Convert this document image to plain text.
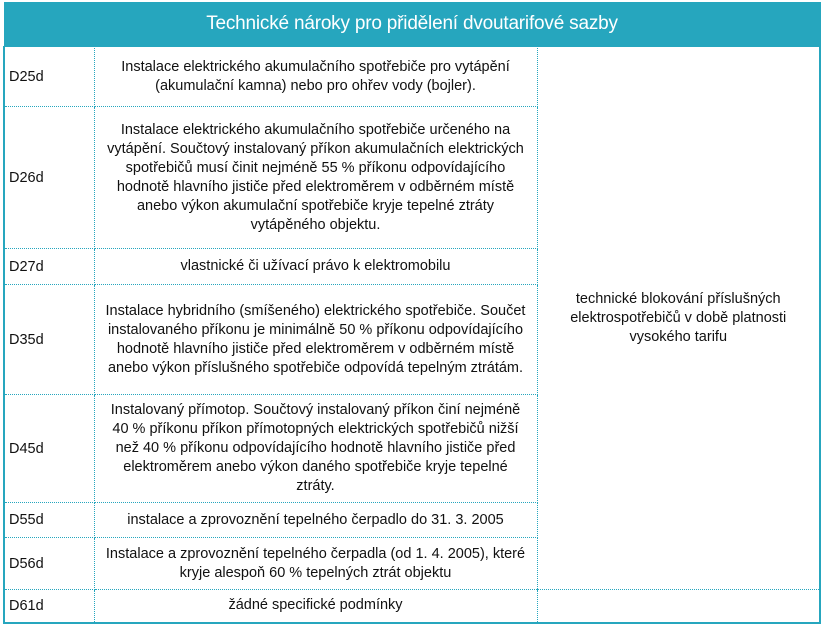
Technické nároky pro přidělení dvoutarifové sazby		
D25d	Instalace elektrického akumulačního spotřebiče pro vytápění (akumulační kamna) nebo pro ohřev vody (bojler).	technické blokování příslušných elektrospotřebičů v době platnosti vysokého tarifu
D26d	Instalace elektrického akumulačního spotřebiče určeného na vytápění. Součtový instalovaný příkon akumulačních elektrických spotřebičů musí činit nejméně 55 % příkonu odpovídajícího hodnotě hlavního jističe před elektroměrem v odběrném místě anebo výkon akumulační spotřebiče kryje tepelné ztráty vytápěného objektu.	
D27d	vlastnické či užívací právo k elektromobilu	
D35d	Instalace hybridního (smíšeného) elektrického spotřebiče. Součet instalovaného příkonu je minimálně 50 % příkonu odpovídajícího hodnotě hlavního jističe před elektroměrem v odběrném místě anebo výkon příslušného spotřebiče odpovídá tepelným ztrátám.	
D45d	Instalovaný přímotop. Součtový instalovaný příkon činí nejméně 40 % příkonu příkon přímotopných elektrických spotřebičů nižší než 40 % příkonu odpovídajícího hodnotě hlavního jističe před elektroměrem anebo výkon daného spotřebiče kryje tepelné ztráty.	
D55d	instalace a zprovoznění tepelného čerpadlo do 31. 3. 2005	
D56d	Instalace a zprovoznění tepelného čerpadla (od 1. 4. 2005), které kryje alespoň 60 % tepelných ztrát objektu	
D61d	žádné specifické podmínky	
